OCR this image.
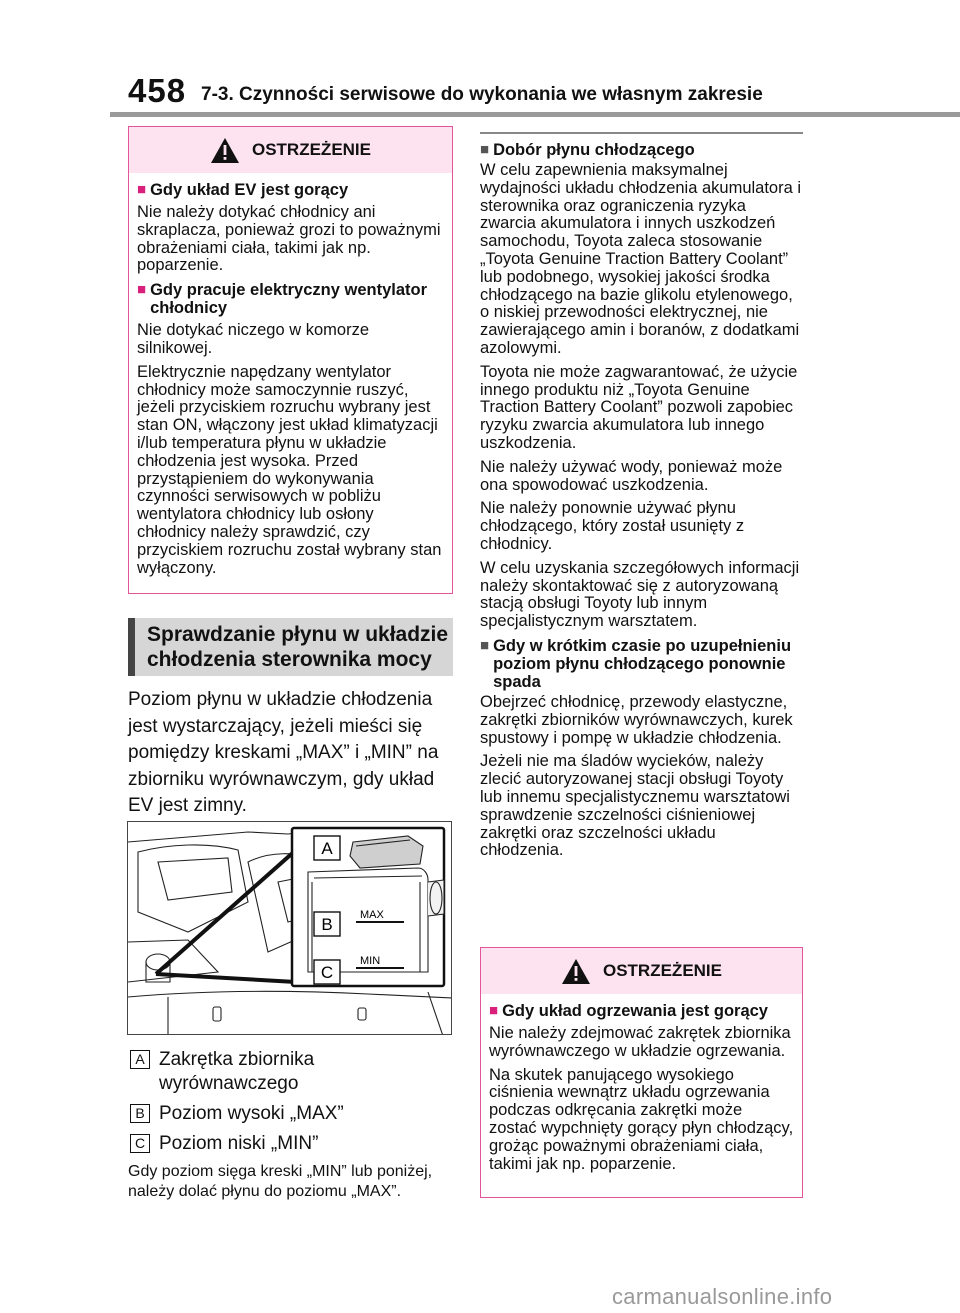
458 7-3. Czynności serwisowe do wykonania we własnym zakresie
OSTRZEŻENIE
■ Gdy układ EV jest gorący

Nie należy dotykać chłodnicy ani skraplacza, ponieważ grozi to poważnymi obrażeniami ciała, takimi jak np. poparzenie.

■ Gdy pracuje elektryczny wentylator chłodnicy

Nie dotykać niczego w komorze silnikowej.

Elektrycznie napędzany wentylator chłodnicy może samoczynnie ruszyć, jeżeli przyciskiem rozruchu wybrany jest stan ON, włączony jest układ klimatyzacji i/lub temperatura płynu w układzie chłodzenia jest wysoka. Przed przystąpieniem do wykonywania czynności serwisowych w pobliżu wentylatora chłodnicy lub osłony chłodnicy należy sprawdzić, czy przyciskiem rozruchu został wybrany stan wyłączony.

Sprawdzanie płynu w układzie chłodzenia sterownika mocy

Poziom płynu w układzie chłodzenia jest wystarczający, jeżeli mieści się pomiędzy kreskami „MAX” i „MIN” na zbiorniku wyrównawczym, gdy układ EV jest zimny.

MAX
MIN
A
B
C
A Zakrętka zbiornika wyrównawczego
B Poziom wysoki „MAX”
C Poziom niski „MIN”

Gdy poziom sięga kreski „MIN” lub poniżej, należy dolać płynu do poziomu „MAX”.

■ Dobór płynu chłodzącego

W celu zapewnienia maksymalnej wydajności układu chłodzenia akumulatora i sterownika oraz ograniczenia ryzyka zwarcia akumulatora i innych uszkodzeń samochodu, Toyota zaleca stosowanie „Toyota Genuine Traction Battery Coolant” lub podobnego, wysokiej jakości środka chłodzącego na bazie glikolu etylenowego, o niskiej przewodności elektrycznej, nie zawierającego amin i boranów, z dodatkami azolowymi.

Toyota nie może zagwarantować, że użycie innego produktu niż „Toyota Genuine Traction Battery Coolant” pozwoli zapobiec ryzyku zwarcia akumulatora lub innego uszkodzenia.

Nie należy używać wody, ponieważ może ona spowodować uszkodzenia.

Nie należy ponownie używać płynu chłodzącego, który został usunięty z chłodnicy.

W celu uzyskania szczegółowych informacji należy skontaktować się z autoryzowaną stacją obsługi Toyoty lub innym specjalistycznym warsztatem.

■ Gdy w krótkim czasie po uzupełnieniu poziom płynu chłodzącego ponownie spada

Obejrzeć chłodnicę, przewody elastyczne, zakrętki zbiorników wyrównawczych, kurek spustowy i pompę w układzie chłodzenia.

Jeżeli nie ma śladów wycieków, należy zlecić autoryzowanej stacji obsługi Toyoty lub innemu specjalistycznemu warsztatowi sprawdzenie szczelności ciśnieniowej zakrętki oraz szczelności układu chłodzenia.

OSTRZEŻENIE
■ Gdy układ ogrzewania jest gorący

Nie należy zdejmować zakrętek zbiornika wyrównawczego w układzie ogrzewania.

Na skutek panującego wysokiego ciśnienia wewnątrz układu ogrzewania podczas odkręcania zakrętki może zostać wypchnięty gorący płyn chłodzący, grożąc poważnymi obrażeniami ciała, takimi jak np. poparzenie.

carmanualsonline.info
